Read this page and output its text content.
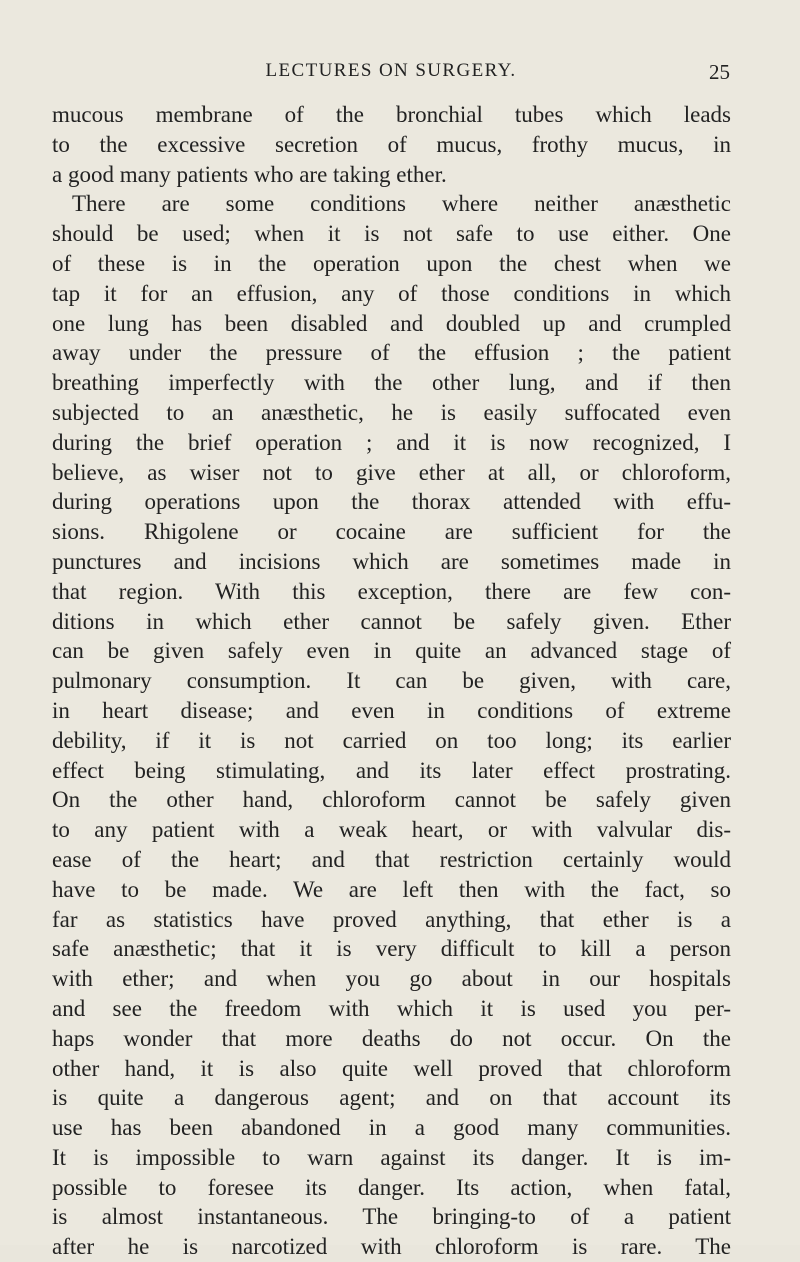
LECTURES ON SURGERY.	25
mucous membrane of the bronchial tubes which leads
to the excessive secretion of mucus, frothy mucus, in
a good many patients who are taking ether.
There are some conditions where neither anæsthetic
should be used; when it is not safe to use either. One
of these is in the operation upon the chest when we
tap it for an effusion, any of those conditions in which
one lung has been disabled and doubled up and crumpled
away under the pressure of the effusion ; the patient
breathing imperfectly with the other lung, and if then
subjected to an anæsthetic, he is easily suffocated even
during the brief operation ; and it is now recognized, I
believe, as wiser not to give ether at all, or chloroform,
during operations upon the thorax attended with effu-
sions. Rhigolene or cocaine are sufficient for the
punctures and incisions which are sometimes made in
that region. With this exception, there are few con-
ditions in which ether cannot be safely given. Ether
can be given safely even in quite an advanced stage of
pulmonary consumption. It can be given, with care,
in heart disease; and even in conditions of extreme
debility, if it is not carried on too long; its earlier
effect being stimulating, and its later effect prostrating.
On the other hand, chloroform cannot be safely given
to any patient with a weak heart, or with valvular dis-
ease of the heart; and that restriction certainly would
have to be made. We are left then with the fact, so
far as statistics have proved anything, that ether is a
safe anæsthetic; that it is very difficult to kill a person
with ether; and when you go about in our hospitals
and see the freedom with which it is used you per-
haps wonder that more deaths do not occur. On the
other hand, it is also quite well proved that chloroform
is quite a dangerous agent; and on that account its
use has been abandoned in a good many communities.
It is impossible to warn against its danger. It is im-
possible to foresee its danger. Its action, when fatal,
is almost instantaneous. The bringing-to of a patient
after he is narcotized with chloroform is rare. The
